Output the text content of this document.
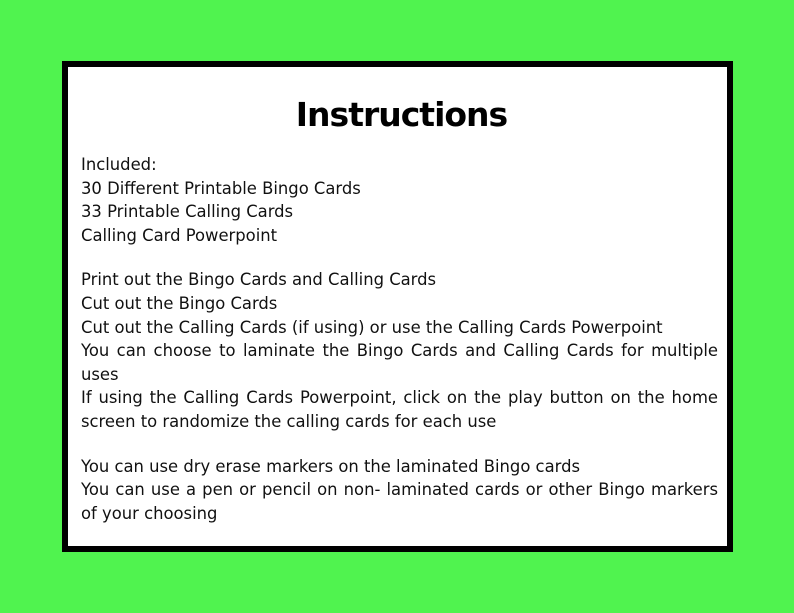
Instructions

Included:

30 Different Printable Bingo Cards

33 Printable Calling Cards

Calling Card Powerpoint

Print out the Bingo Cards and Calling Cards

Cut out the Bingo Cards

Cut out the Calling Cards (if using) or use the Calling Cards Powerpoint

You can choose to laminate the Bingo Cards and Calling Cards for multiple uses

If using the Calling Cards Powerpoint, click on the play button on the home screen to randomize the calling cards for each use

You can use dry erase markers on the laminated Bingo cards

You can use a pen or pencil on non- laminated cards or other Bingo markers of your choosing
